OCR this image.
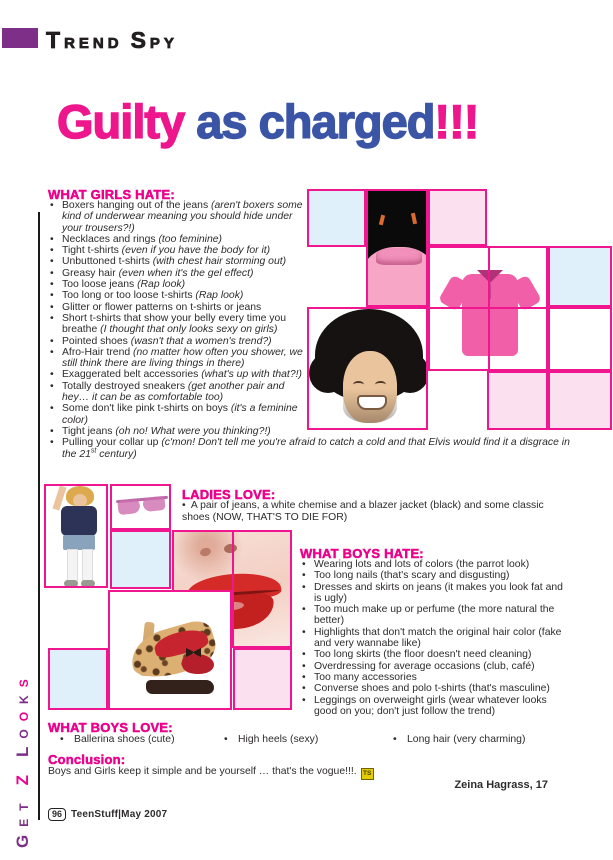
TREND SPY
Guilty as charged!!!
WHAT GIRLS HATE:
• Boxers hanging out of the jeans (aren't boxers some kind of underwear meaning you should hide under your trousers?!)
• Necklaces and rings (too feminine)
• Tight t-shirts (even if you have the body for it)
• Unbuttoned t-shirts (with chest hair storming out)
• Greasy hair (even when it's the gel effect)
• Too loose jeans (Rap look)
• Too long or too loose t-shirts (Rap look)
• Glitter or flower patterns on t-shirts or jeans
• Short t-shirts that show your belly every time you breathe (I thought that only looks sexy on girls)
• Pointed shoes (wasn't that a women's trend?)
• Afro-Hair trend (no matter how often you shower, we still think there are living things in there)
• Exaggerated belt accessories (what's up with that?!)
• Totally destroyed sneakers (get another pair and hey… it can be as comfortable too)
• Some don't like pink t-shirts on boys (it's a feminine color)
• Tight jeans (oh no! What were you thinking?!)
• Pulling your collar up (c'mon! Don't tell me you're afraid to catch a cold and that Elvis would find it a disgrace in the 21st century)
LADIES LOVE:

• A pair of jeans, a white chemise and a blazer jacket (black) and some classic shoes (NOW, THAT'S TO DIE FOR)

WHAT BOYS HATE:
• Wearing lots and lots of colors (the parrot look)
• Too long nails (that's scary and disgusting)
• Dresses and skirts on jeans (it makes you look fat and is ugly)
• Too much make up or perfume (the more natural the better)
• Highlights that don't match the original hair color (fake and very wannabe like)
• Too long skirts (the floor doesn't need cleaning)
• Overdressing for average occasions (club, café)
• Too many accessories
• Converse shoes and polo t-shirts (that's masculine)
• Leggings on overweight girls (wear whatever looks good on you; don't just follow the trend)
WHAT BOYS LOVE:
•  Ballerina shoes (cute)	•  High heels (sexy)	•  Long hair (very charming)
Conclusion:

Boys and Girls keep it simple and be yourself … that's the vogue!!!. TS

Zeina Hagrass, 17
96 TeenStuff|May 2007
GETZLOOKS
